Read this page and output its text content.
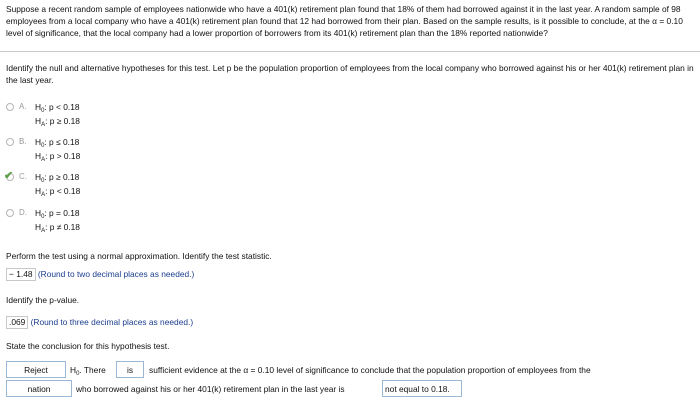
Suppose a recent random sample of employees nationwide who have a 401(k) retirement plan found that 18% of them had borrowed against it in the last year. A random sample of 98 employees from a local company who have a 401(k) retirement plan found that 12 had borrowed from their plan. Based on the sample results, is it possible to conclude, at the α = 0.10 level of significance, that the local company had a lower proportion of borrowers from its 401(k) retirement plan than the 18% reported nationwide?
Identify the null and alternative hypotheses for this test. Let p be the population proportion of employees from the local company who borrowed against his or her 401(k) retirement plan in the last year.
A. $H_0$: p < 0.18
$H_A$: p ≥ 0.18
B. $H_0$: p ≤ 0.18
$H_A$: p > 0.18
✔ C. $H_0$: p ≥ 0.18
$H_A$: p < 0.18
D. $H_0$: p = 0.18
$H_A$: p ≠ 0.18
Perform the test using a normal approximation. Identify the test statistic.
− 1.48 (Round to two decimal places as needed.)
Identify the p-value.
.069 (Round to three decimal places as needed.)
State the conclusion for this hypothesis test.
Reject
nation
$H_0$. There	is	sufficient evidence at the α = 0.10 level of significance to conclude that the population proportion of employees from the
who borrowed against his or her 401(k) retirement plan in the last year is	not equal to 0.18.
